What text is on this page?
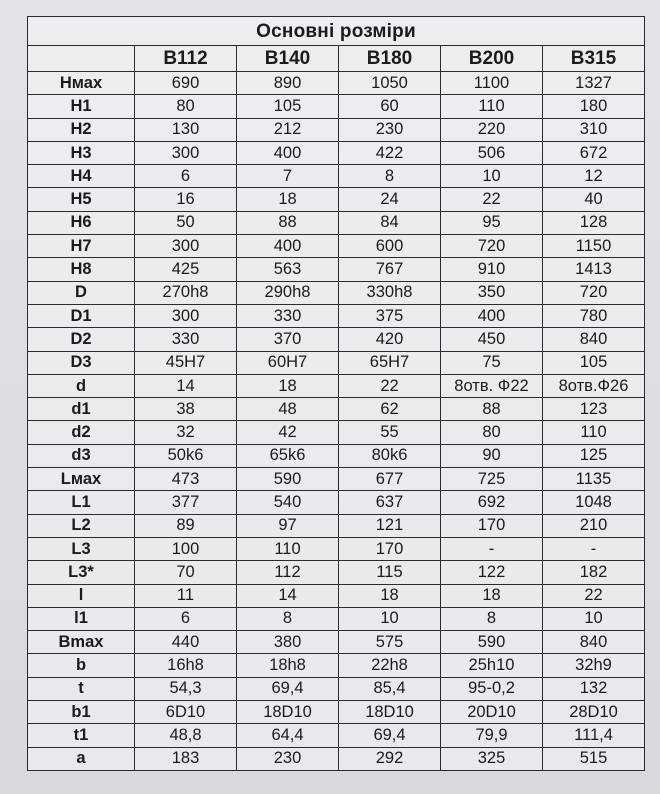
Основні розміри					
	B112	B140	B180	B200	B315
Hмах	690	890	1050	1100	1327
H1	80	105	60	110	180
H2	130	212	230	220	310
H3	300	400	422	506	672
H4	6	7	8	10	12
H5	16	18	24	22	40
H6	50	88	84	95	128
H7	300	400	600	720	1150
H8	425	563	767	910	1413
D	270h8	290h8	330h8	350	720
D1	300	330	375	400	780
D2	330	370	420	450	840
D3	45H7	60H7	65H7	75	105
d	14	18	22	8отв. Ф22	8отв.Ф26
d1	38	48	62	88	123
d2	32	42	55	80	110
d3	50k6	65k6	80k6	90	125
Lмах	473	590	677	725	1135
L1	377	540	637	692	1048
L2	89	97	121	170	210
L3	100	110	170	-	-
L3*	70	112	115	122	182
l	11	14	18	18	22
l1	6	8	10	8	10
Bmax	440	380	575	590	840
b	16h8	18h8	22h8	25h10	32h9
t	54,3	69,4	85,4	95-0,2	132
b1	6D10	18D10	18D10	20D10	28D10
t1	48,8	64,4	69,4	79,9	111,4
a	183	230	292	325	515
